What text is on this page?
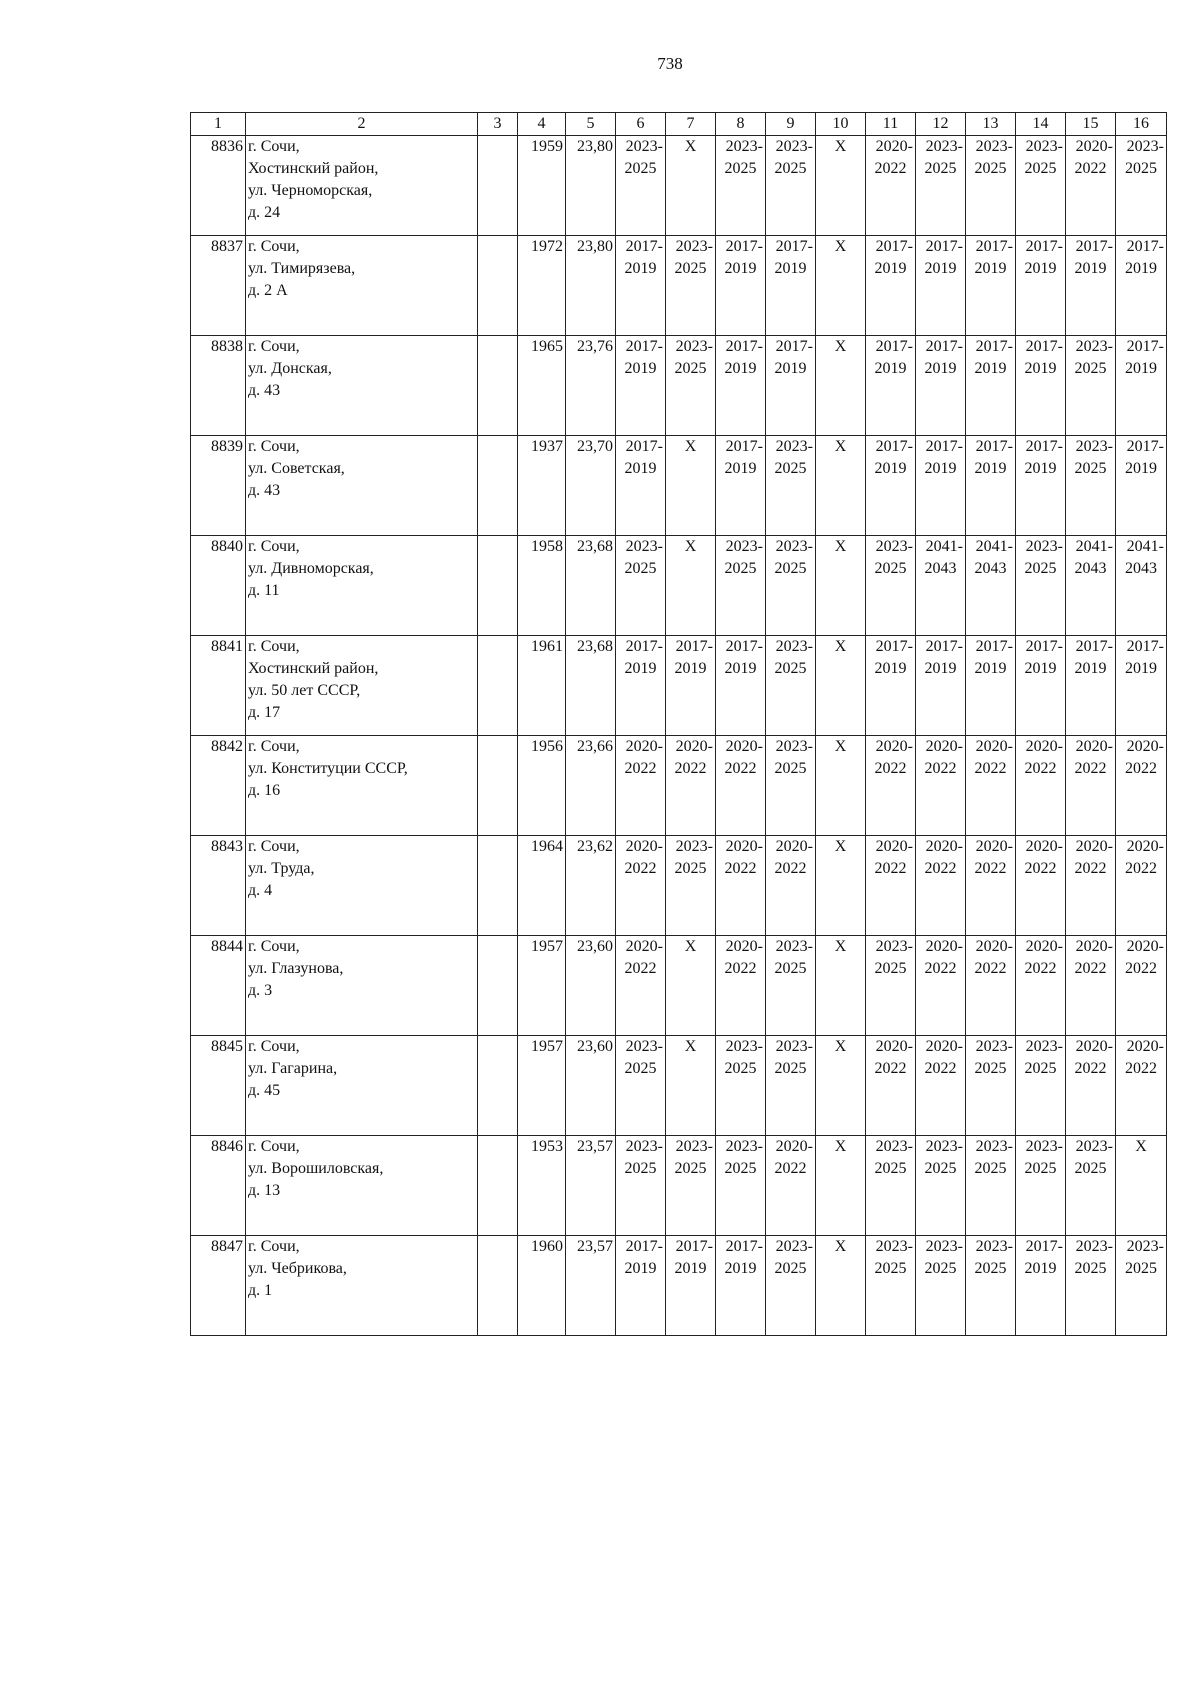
738
1	2	3	4	5	6	7	8	9	10	11	12	13	14	15	16
8836	г. Сочи,
Хостинский район,
ул. Черноморская,
д. 24		1959	23,80	2023-
2025	X	2023-
2025	2023-
2025	X	2020-
2022	2023-
2025	2023-
2025	2023-
2025	2020-
2022	2023-
2025

8837	г. Сочи,
ул. Тимирязева,
д. 2 А		1972	23,80	2017-
2019	2023-
2025	2017-
2019	2017-
2019	X	2017-
2019	2017-
2019	2017-
2019	2017-
2019	2017-
2019	2017-
2019

8838	г. Сочи,
ул. Донская,
д. 43		1965	23,76	2017-
2019	2023-
2025	2017-
2019	2017-
2019	X	2017-
2019	2017-
2019	2017-
2019	2017-
2019	2023-
2025	2017-
2019

8839	г. Сочи,
ул. Советская,
д. 43		1937	23,70	2017-
2019	X	2017-
2019	2023-
2025	X	2017-
2019	2017-
2019	2017-
2019	2017-
2019	2023-
2025	2017-
2019

8840	г. Сочи,
ул. Дивноморская,
д. 11		1958	23,68	2023-
2025	X	2023-
2025	2023-
2025	X	2023-
2025	2041-
2043	2041-
2043	2023-
2025	2041-
2043	2041-
2043

8841	г. Сочи,
Хостинский район,
ул. 50 лет СССР,
д. 17		1961	23,68	2017-
2019	2017-
2019	2017-
2019	2023-
2025	X	2017-
2019	2017-
2019	2017-
2019	2017-
2019	2017-
2019	2017-
2019

8842	г. Сочи,
ул. Конституции СССР,
д. 16		1956	23,66	2020-
2022	2020-
2022	2020-
2022	2023-
2025	X	2020-
2022	2020-
2022	2020-
2022	2020-
2022	2020-
2022	2020-
2022

8843	г. Сочи,
ул. Труда,
д. 4		1964	23,62	2020-
2022	2023-
2025	2020-
2022	2020-
2022	X	2020-
2022	2020-
2022	2020-
2022	2020-
2022	2020-
2022	2020-
2022

8844	г. Сочи,
ул. Глазунова,
д. 3		1957	23,60	2020-
2022	X	2020-
2022	2023-
2025	X	2023-
2025	2020-
2022	2020-
2022	2020-
2022	2020-
2022	2020-
2022

8845	г. Сочи,
ул. Гагарина,
д. 45		1957	23,60	2023-
2025	X	2023-
2025	2023-
2025	X	2020-
2022	2020-
2022	2023-
2025	2023-
2025	2020-
2022	2020-
2022

8846	г. Сочи,
ул. Ворошиловская,
д. 13		1953	23,57	2023-
2025	2023-
2025	2023-
2025	2020-
2022	X	2023-
2025	2023-
2025	2023-
2025	2023-
2025	2023-
2025	X
8847	г. Сочи,
ул. Чебрикова,
д. 1		1960	23,57	2017-
2019	2017-
2019	2017-
2019	2023-
2025	X	2023-
2025	2023-
2025	2023-
2025	2017-
2019	2023-
2025	2023-
2025
